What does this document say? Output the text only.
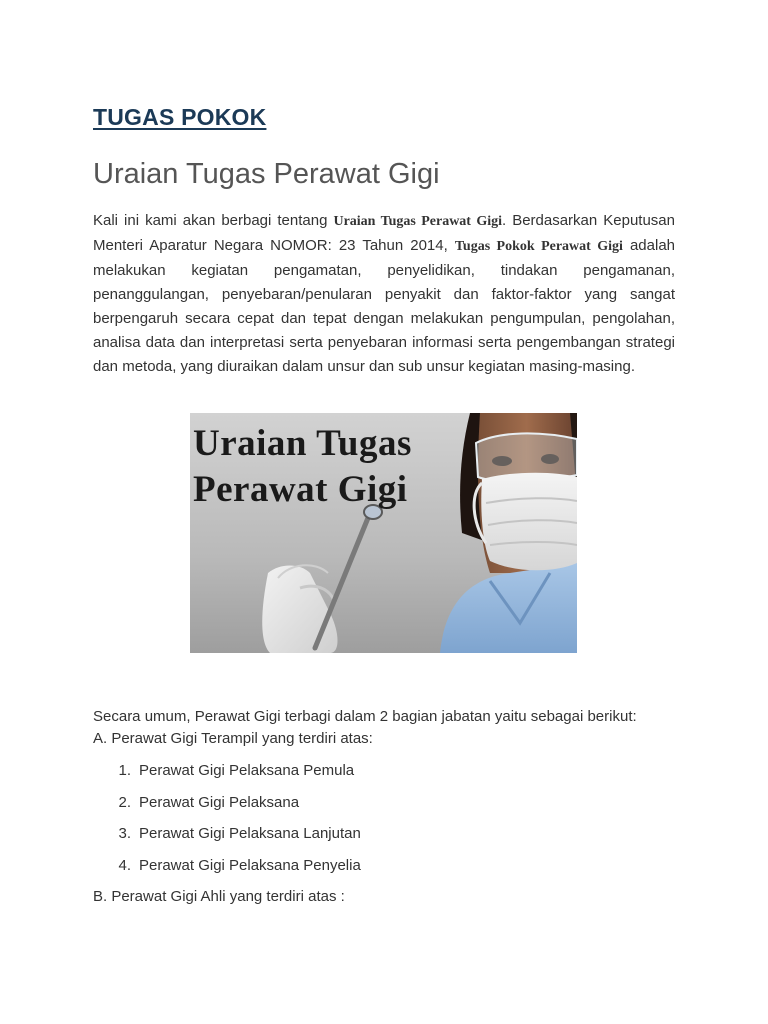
TUGAS POKOK
Uraian Tugas Perawat Gigi

Kali ini kami akan berbagi tentang Uraian Tugas Perawat Gigi. Berdasarkan Keputusan Menteri Aparatur Negara NOMOR: 23 Tahun 2014, Tugas Pokok Perawat Gigi adalah melakukan kegiatan pengamatan, penyelidikan, tindakan pengamanan, penanggulangan, penyebaran/penularan penyakit dan faktor-faktor yang sangat berpengaruh secara cepat dan tepat dengan melakukan pengumpulan, pengolahan, analisa data dan interpretasi serta penyebaran informasi serta pengembangan strategi dan metoda, yang diuraikan dalam unsur dan sub unsur kegiatan masing-masing.

Uraian Tugas
Perawat Gigi

Secara umum, Perawat Gigi terbagi dalam 2 bagian jabatan yaitu sebagai berikut:
A. Perawat Gigi Terampil yang terdiri atas:

1. Perawat Gigi Pelaksana Pemula
2. Perawat Gigi Pelaksana
3. Perawat Gigi Pelaksana Lanjutan
4. Perawat Gigi Pelaksana Penyelia

B. Perawat Gigi Ahli yang terdiri atas :
